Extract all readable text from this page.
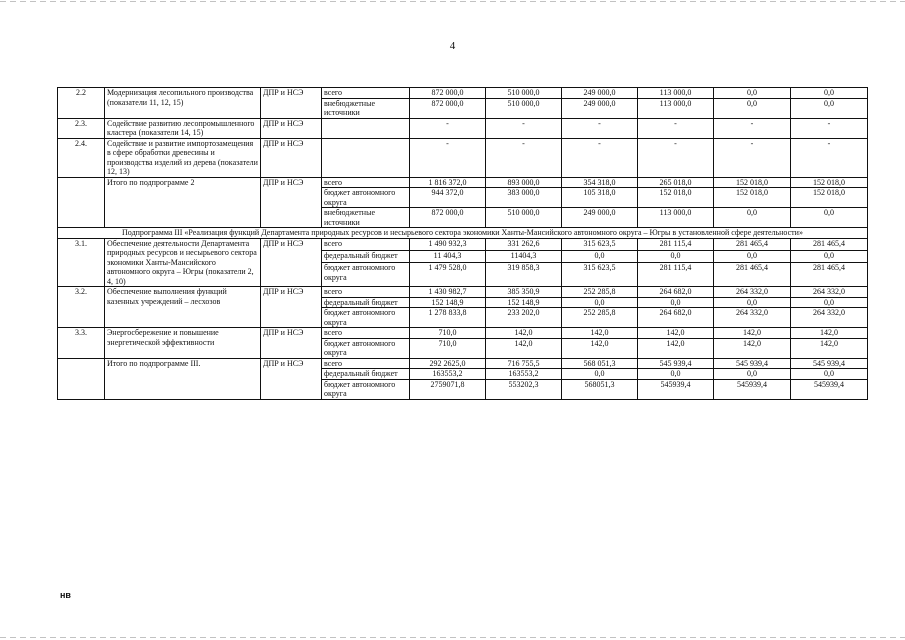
4
2.2	Модернизация лесопильного производства (показатели 11, 12, 15)	ДПР и НСЭ	всего	872 000,0	510 000,0	249 000,0	113 000,0	0,0	0,0
			внебюджетные источники	872 000,0	510 000,0	249 000,0	113 000,0	0,0	0,0
2.3.	Содействие развитию лесопромышленного кластера (показатели 14, 15)	ДПР и НСЭ		-	-	-	-	-	-
2.4.	Содействие и развитие импортозамещения в сфере обработки древесины и производства изделий из дерева (показатели 12, 13)	ДПР и НСЭ		-	-	-	-	-	-
	Итого по подпрограмме 2	ДПР и НСЭ	всего	1 816 372,0	893 000,0	354 318,0	265 018,0	152 018,0	152 018,0
			бюджет автономного округа	944 372,0	383 000,0	105 318,0	152 018,0	152 018,0	152 018,0
			внебюджетные источники	872 000,0	510 000,0	249 000,0	113 000,0	0,0	0,0
Подпрограмма III «Реализация функций Департамента природных ресурсов и несырьевого сектора экономики Ханты-Мансийского автономного округа – Югры в установленной сфере деятельности»									
3.1.	Обеспечение деятельности Департамента природных ресурсов и несырьевого сектора экономики Ханты-Мансийского автономного округа – Югры (показатели 2, 4, 10)	ДПР и НСЭ	всего	1 490 932,3	331 262,6	315 623,5	281 115,4	281 465,4	281 465,4
			федеральный бюджет	11 404,3	11404,3	0,0	0,0	0,0	0,0
			бюджет автономного округа	1 479 528,0	319 858,3	315 623,5	281 115,4	281 465,4	281 465,4
3.2.	Обеспечение выполнения функций казенных учреждений – лесхозов	ДПР и НСЭ	всего	1 430 982,7	385 350,9	252 285,8	264 682,0	264 332,0	264 332,0
			федеральный бюджет	152 148,9	152 148,9	0,0	0,0	0,0	0,0
			бюджет автономного округа	1 278 833,8	233 202,0	252 285,8	264 682,0	264 332,0	264 332,0
3.3.	Энергосбережение и повышение энергетической эффективности	ДПР и НСЭ	всего	710,0	142,0	142,0	142,0	142,0	142,0
			бюджет автономного округа	710,0	142,0	142,0	142,0	142,0	142,0
	Итого по подпрограмме III.	ДПР и НСЭ	всего	292 2625,0	716 755,5	568 051,3	545 939,4	545 939,4	545 939,4
			федеральный бюджет	163553,2	163553,2	0,0	0,0	0,0	0,0
			бюджет автономного округа	2759071,8	553202,3	568051,3	545939,4	545939,4	545939,4
нв
